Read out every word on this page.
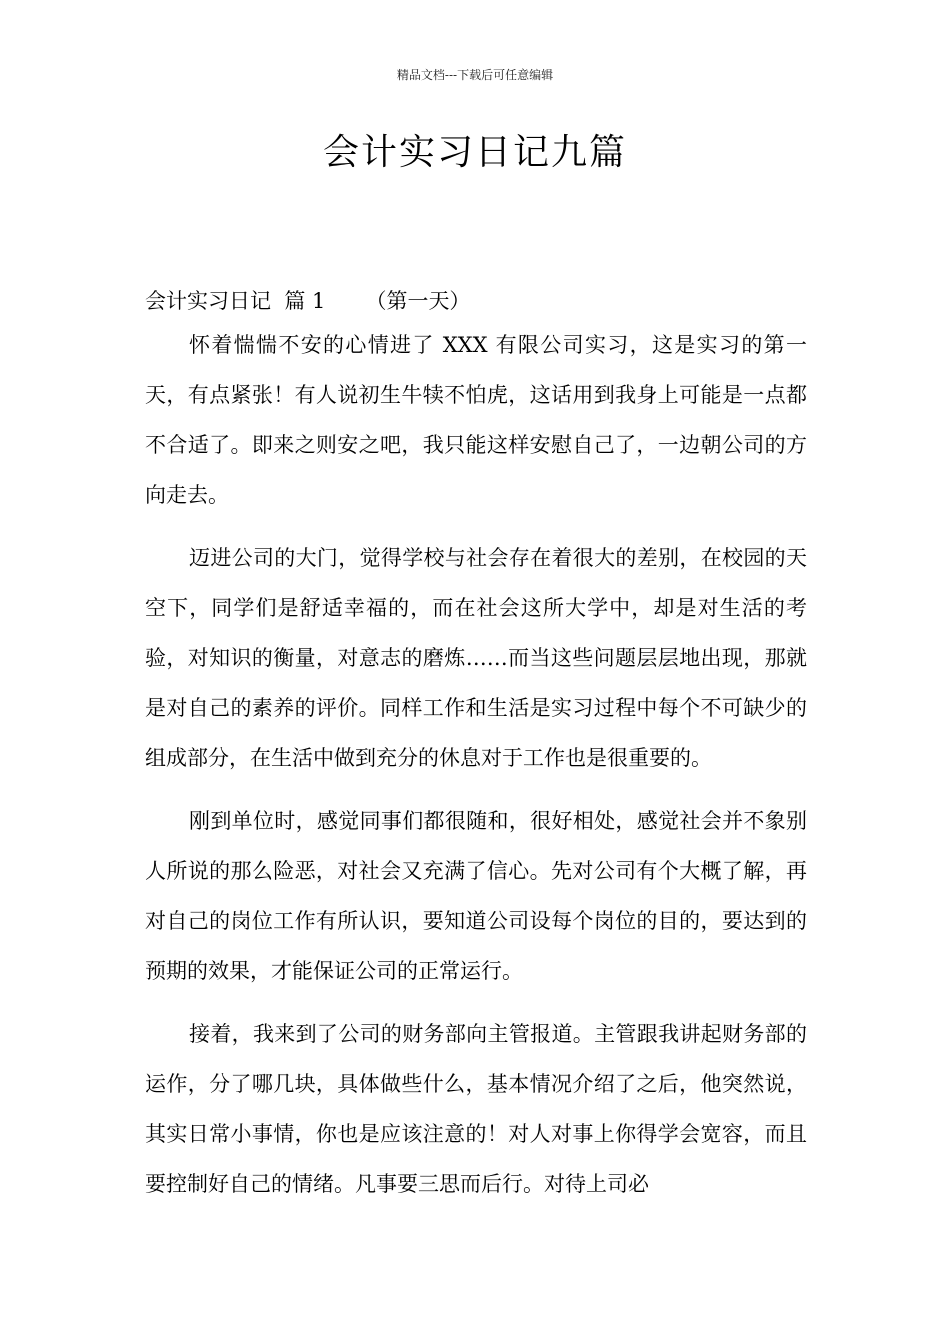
精品文档---下载后可任意编辑
会计实习日记九篇
会计实习日记  篇 1      （第一天）

怀着惴惴不安的心情进了 XXX 有限公司实习，这是实习的第一天，有点紧张！有人说初生牛犊不怕虎，这话用到我身上可能是一点都不合适了。即来之则安之吧，我只能这样安慰自己了，一边朝公司的方向走去。

迈进公司的大门，觉得学校与社会存在着很大的差别，在校园的天空下，同学们是舒适幸福的，而在社会这所大学中，却是对生活的考验，对知识的衡量，对意志的磨炼……而当这些问题层层地出现，那就是对自己的素养的评价。同样工作和生活是实习过程中每个不可缺少的组成部分，在生活中做到充分的休息对于工作也是很重要的。

刚到单位时，感觉同事们都很随和，很好相处，感觉社会并不象别人所说的那么险恶，对社会又充满了信心。先对公司有个大概了解，再对自己的岗位工作有所认识，要知道公司设每个岗位的目的，要达到的预期的效果，才能保证公司的正常运行。

接着，我来到了公司的财务部向主管报道。主管跟我讲起财务部的运作，分了哪几块，具体做些什么，基本情况介绍了之后，他突然说，其实日常小事情，你也是应该注意的！对人对事上你得学会宽容，而且要控制好自己的情绪。凡事要三思而后行。对待上司必
